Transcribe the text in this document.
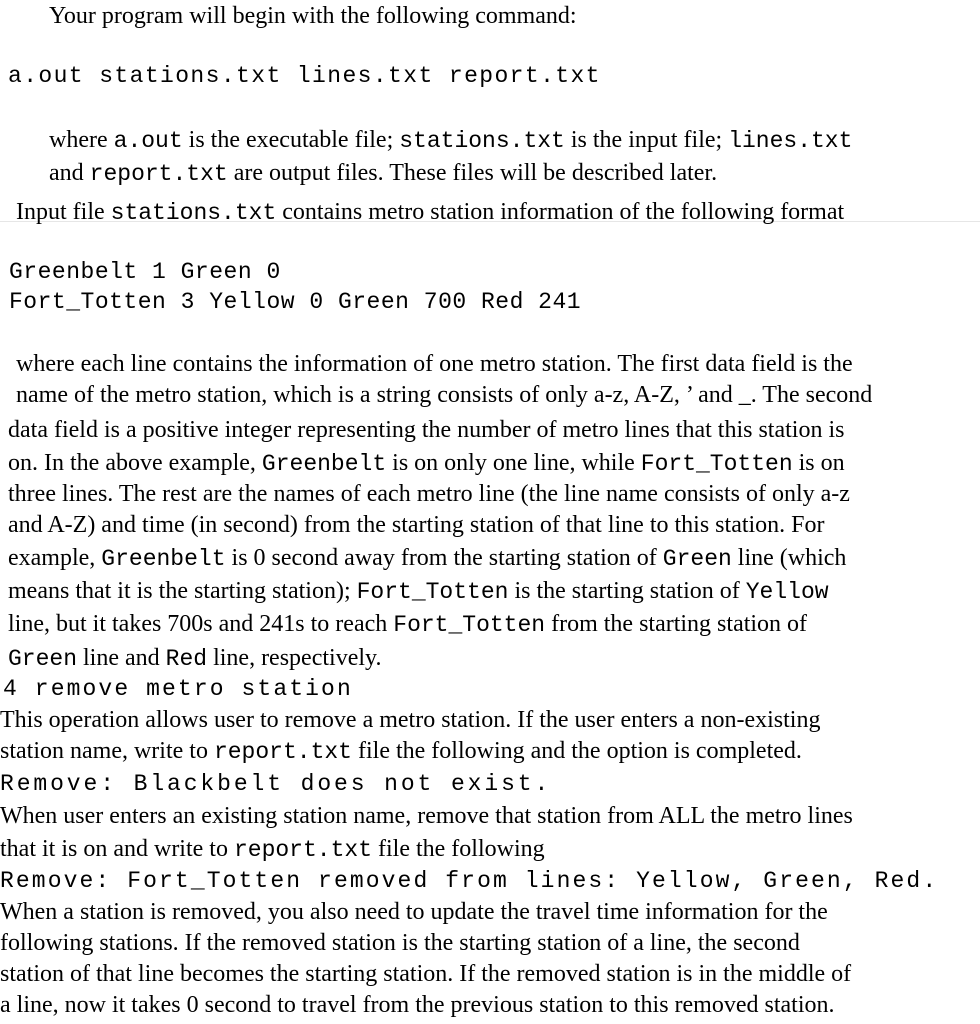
Your program will begin with the following command:
a.out stations.txt lines.txt report.txt
where a.out is the executable file; stations.txt is the input file; lines.txt
and report.txt are output files. These files will be described later.
Input file stations.txt contains metro station information of the following format
Greenbelt 1 Green 0
Fort_Totten 3 Yellow 0 Green 700 Red 241
where each line contains the information of one metro station. The first data field is the
name of the metro station, which is a string consists of only a-z, A-Z, ’ and _. The second
data field is a positive integer representing the number of metro lines that this station is
on. In the above example, Greenbelt is on only one line, while Fort_Totten is on
three lines. The rest are the names of each metro line (the line name consists of only a-z
and A-Z) and time (in second) from the starting station of that line to this station. For
example, Greenbelt is 0 second away from the starting station of Green line (which
means that it is the starting station); Fort_Totten is the starting station of Yellow
line, but it takes 700s and 241s to reach Fort_Totten from the starting station of
Green line and Red line, respectively.
4 remove metro station
This operation allows user to remove a metro station. If the user enters a non-existing
station name, write to report.txt file the following and the option is completed.
Remove: Blackbelt does not exist.
When user enters an existing station name, remove that station from ALL the metro lines
that it is on and write to report.txt file the following
Remove: Fort_Totten removed from lines: Yellow, Green, Red.
When a station is removed, you also need to update the travel time information for the
following stations. If the removed station is the starting station of a line, the second
station of that line becomes the starting station. If the removed station is in the middle of
a line, now it takes 0 second to travel from the previous station to this removed station.
